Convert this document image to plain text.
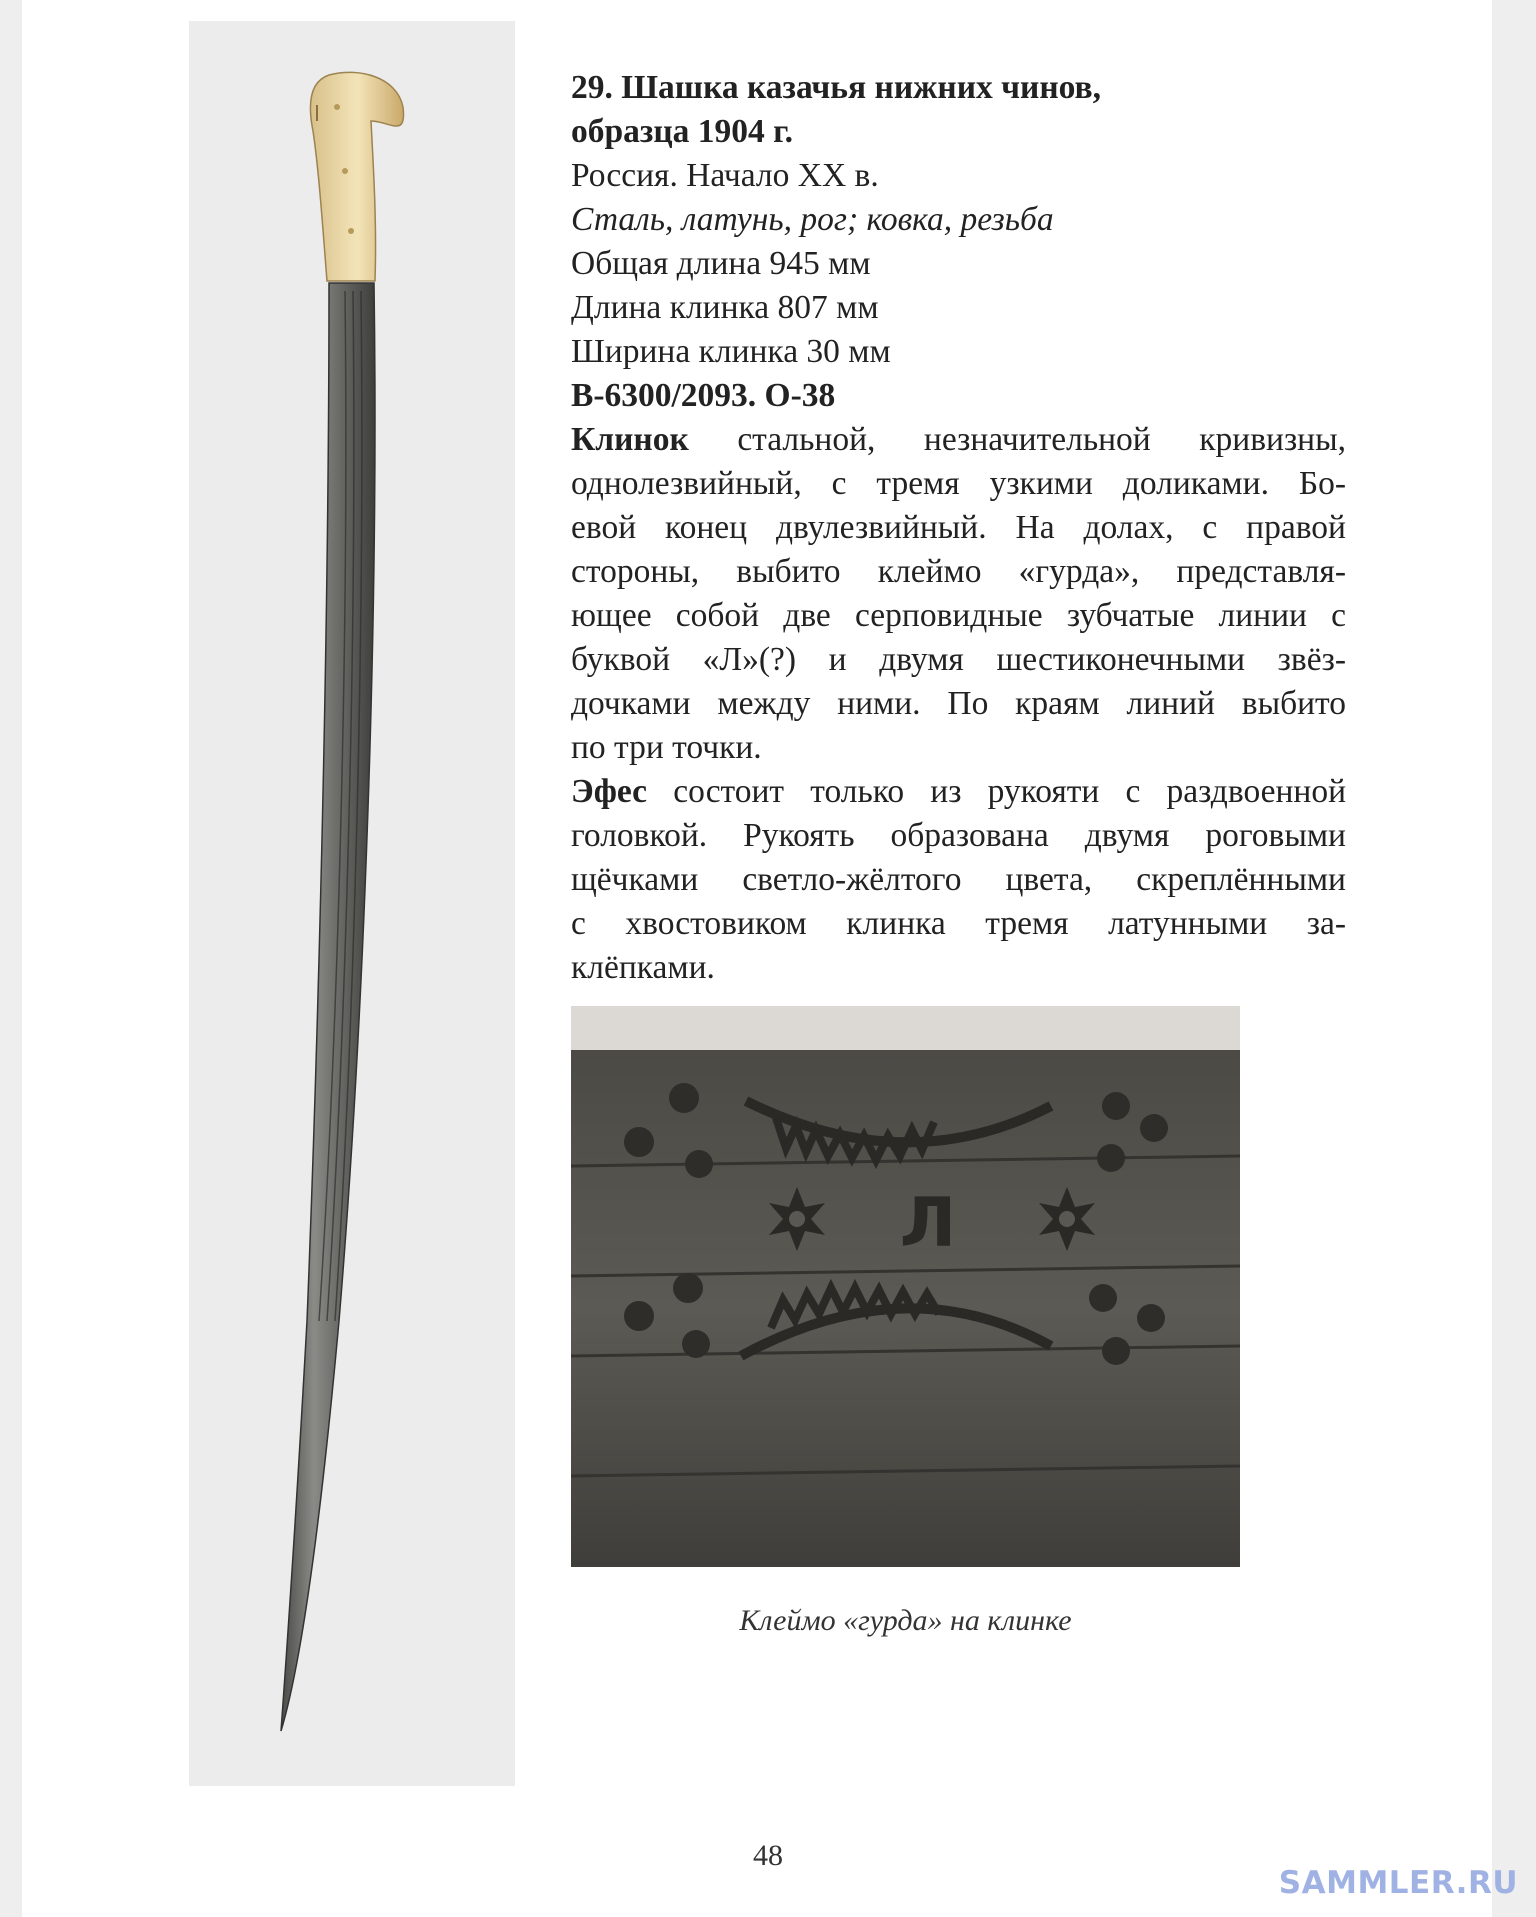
29. Шашка казачья нижних чинов,
образца 1904 г.
Россия. Начало XX в.
Сталь, латунь, рог; ковка, резьба
Общая длина 945 мм
Длина клинка 807 мм
Ширина клинка 30 мм
В-6300/2093. О-38
Клинок стальной, незначительной кривизны,
однолезвийный, с тремя узкими доликами. Бо-
евой конец двулезвийный. На долах, с правой
стороны, выбито клеймо «гурда», представля-
ющее собой две серповидные зубчатые линии с
буквой «Л»(?) и двумя шестиконечными звёз-
дочками между ними. По краям линий выбито
по три точки.
Эфес состоит только из рукояти с раздвоенной
головкой. Рукоять образована двумя роговыми
щёчками светло-жёлтого цвета, скреплёнными
с хвостовиком клинка тремя латунными за-
клёпками.
Л
Клеймо «гурда» на клинке
48
SAMMLER.RU
